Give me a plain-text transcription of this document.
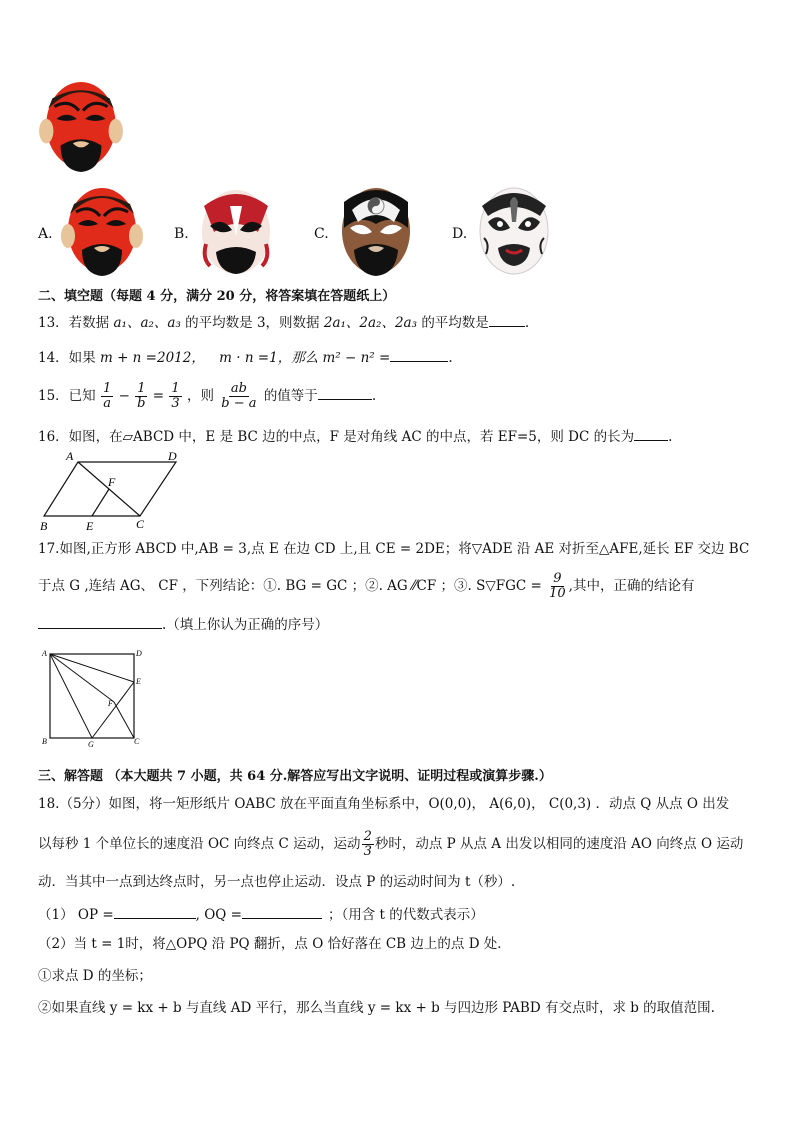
A.	B.	C.	D.
二、填空题（每题 4 分，满分 20 分，将答案填在答题纸上）
13．若数据 a₁、a₂、a₃ 的平均数是 3，则数据 2a₁、2a₂、2a₃ 的平均数是	.
14．如果 m + n =2012， m · n =1，那么 m² − n² =	.
15．已知 $\frac{1}{a} - \frac{1}{b} = \frac{1}{3}$ ，则 $\frac{ab}{b - a}$ 的值等于	.
16．如图，在▱ABCD 中，E 是 BC 边的中点，F 是对角线 AC 的中点，若 EF=5，则 DC 的长为	.
A	D
F
B	E	C
17.如图,正方形 ABCD 中,AB = 3,点 E 在边 CD 上,且 CE = 2DE；将▽ADE 沿 AE 对折至△AFE,延长 EF 交边 BC
于点 G ,连结 AG、 CF ，下列结论：①. BG = GC ；②. AG ⁄⁄CF ；③. S▽FGC = $\frac{9}{10}$ ,其中，正确的结论有
.（填上你认为正确的序号）
A	D
E
F
B	G	C
三、解答题 （本大题共 7 小题，共 64 分.解答应写出文字说明、证明过程或演算步骤.）
18.（5分）如图，将一矩形纸片 OABC 放在平面直角坐标系中，O(0,0)， A(6,0)， C(0,3) ．动点 Q 从点 O 出发
以每秒 1 个单位长的速度沿 OC 向终点 C 运动，运动 $\frac{2}{3}$ 秒时，动点 P 从点 A 出发以相同的速度沿 AO 向终点 O 运动
动．当其中一点到达终点时，另一点也停止运动．设点 P 的运动时间为 t（秒）.
（1） OP =	, OQ =	；（用含 t 的代数式表示）
（2）当 t = 1时，将△OPQ 沿 PQ 翻折，点 O 恰好落在 CB 边上的点 D 处．
①求点 D 的坐标；
②如果直线 y = kx + b 与直线 AD 平行，那么当直线 y = kx + b 与四边形 PABD 有交点时，求 b 的取值范围.
